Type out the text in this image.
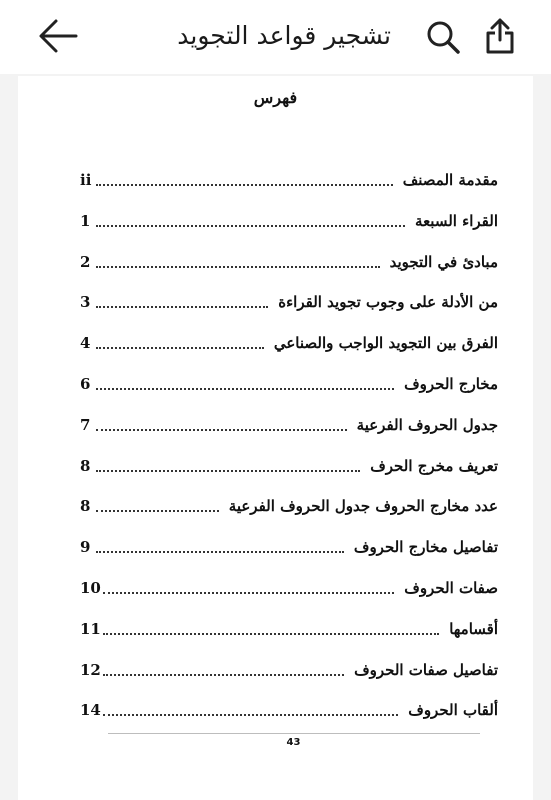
تشجير قواعد التجويد
فهرس
مقدمة المصنف
ii
القراء السبعة
1
مبادئ في التجويد
2
من الأدلة على وجوب تجويد القراءة
3
الفرق بين التجويد الواجب والصناعي
4
مخارج الحروف
6
جدول الحروف الفرعية
7
تعريف مخرج الحرف
8
عدد مخارج الحروف جدول الحروف الفرعية
8
تفاصيل مخارج الحروف
9
صفات الحروف
10
أقسامها
11
تفاصيل صفات الحروف
12
ألقاب الحروف
14
43
